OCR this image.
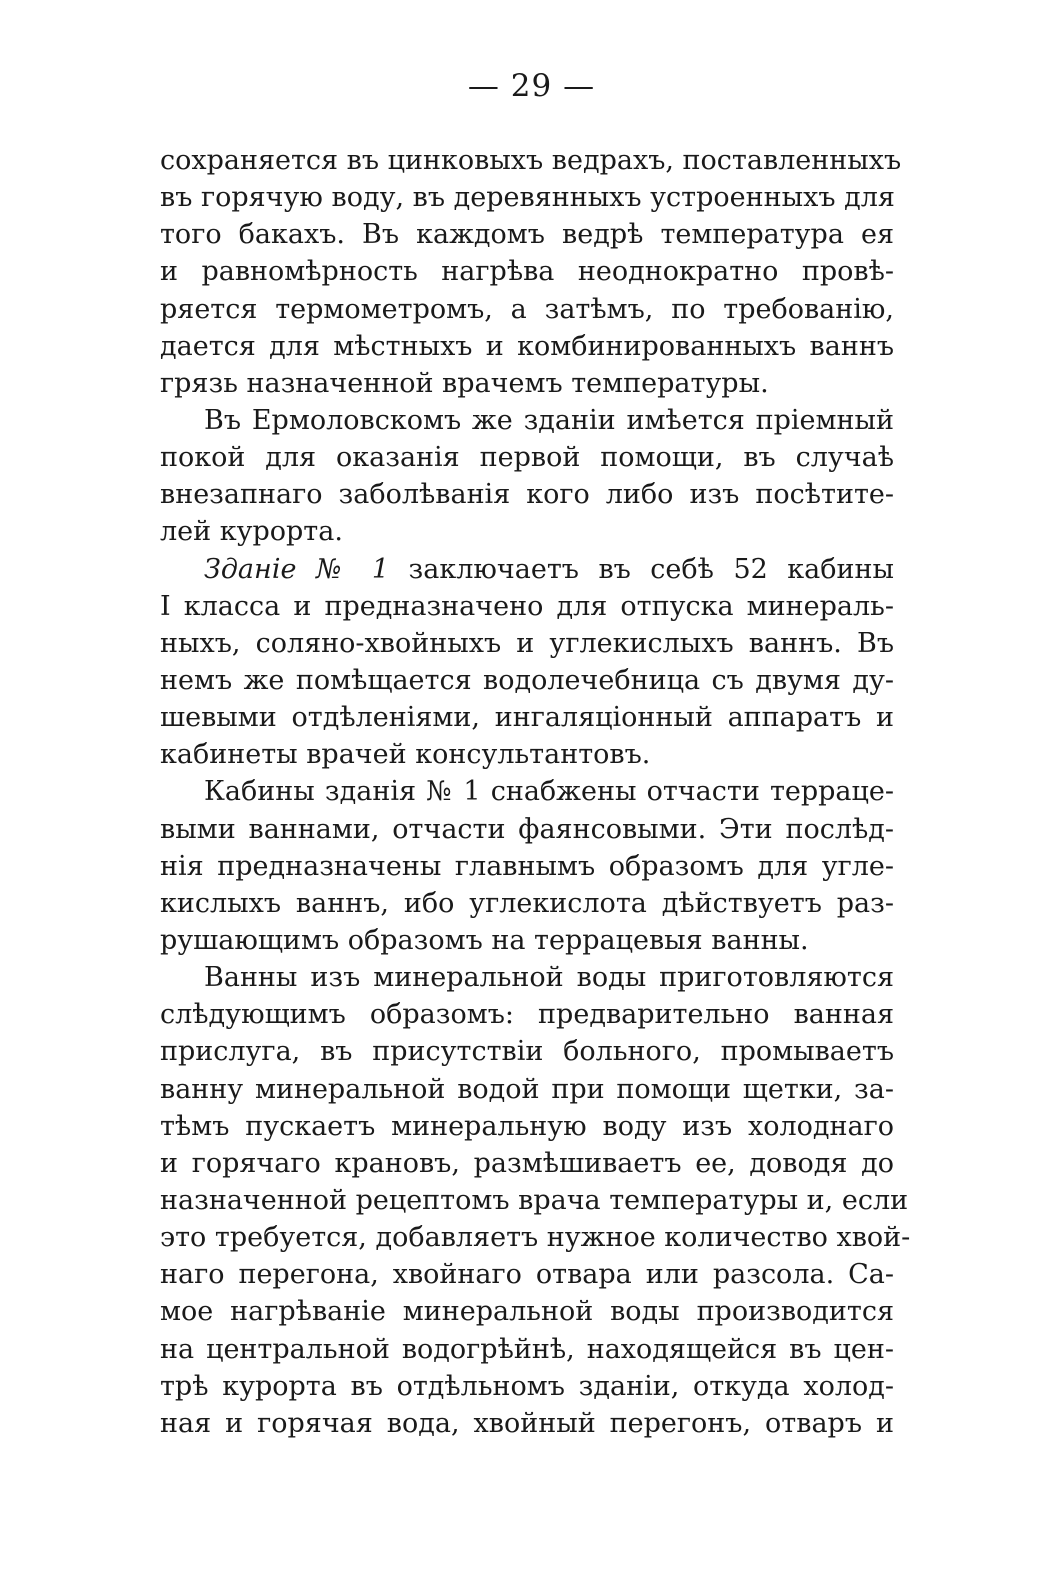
— 29 —
сохраняется въ цинковыхъ ведрахъ, поставленныхъ
въ горячую воду, въ деревянныхъ устроенныхъ для
того бакахъ. Въ каждомъ ведрѣ температура ея
и равномѣрность нагрѣва неоднократно провѣ-
ряется термометромъ, а затѣмъ, по требованію,
дается для мѣстныхъ и комбинированныхъ ваннъ
грязь назначенной врачемъ температуры.
Въ Ермоловскомъ же зданіи имѣется пріемный
покой для оказанія первой помощи, въ случаѣ
внезапнаго заболѣванія кого либо изъ посѣтите-
лей курорта.
Зданіе № 1 заключаетъ въ себѣ 52 кабины
I класса и предназначено для отпуска минераль-
ныхъ, соляно-хвойныхъ и углекислыхъ ваннъ. Въ
немъ же помѣщается водолечебница съ двумя ду-
шевыми отдѣленіями, ингаляціонный аппаратъ и
кабинеты врачей консультантовъ.
Кабины зданія № 1 снабжены отчасти террацe-
выми ваннами, отчасти фаянсовыми. Эти послѣд-
нія предназначены главнымъ образомъ для угле-
кислыхъ ваннъ, ибо углекислота дѣйствуетъ раз-
рушающимъ образомъ на террацевыя ванны.
Ванны изъ минеральной воды приготовляются
слѣдующимъ образомъ: предварительно ванная
прислуга, въ присутствіи больного, промываетъ
ванну минеральной водой при помощи щетки, за-
тѣмъ пускаетъ минеральную воду изъ холоднаго
и горячаго крановъ, размѣшиваетъ ее, доводя до
назначенной рецептомъ врача температуры и, если
это требуется, добавляетъ нужное количество хвой-
наго перегона, хвойнаго отвара или разсола. Са-
мое нагрѣваніе минеральной воды производится
на центральной водогрѣйнѣ, находящейся въ цен-
трѣ курорта въ отдѣльномъ зданіи, откуда холод-
ная и горячая вода, хвойный перегонъ, отваръ и
